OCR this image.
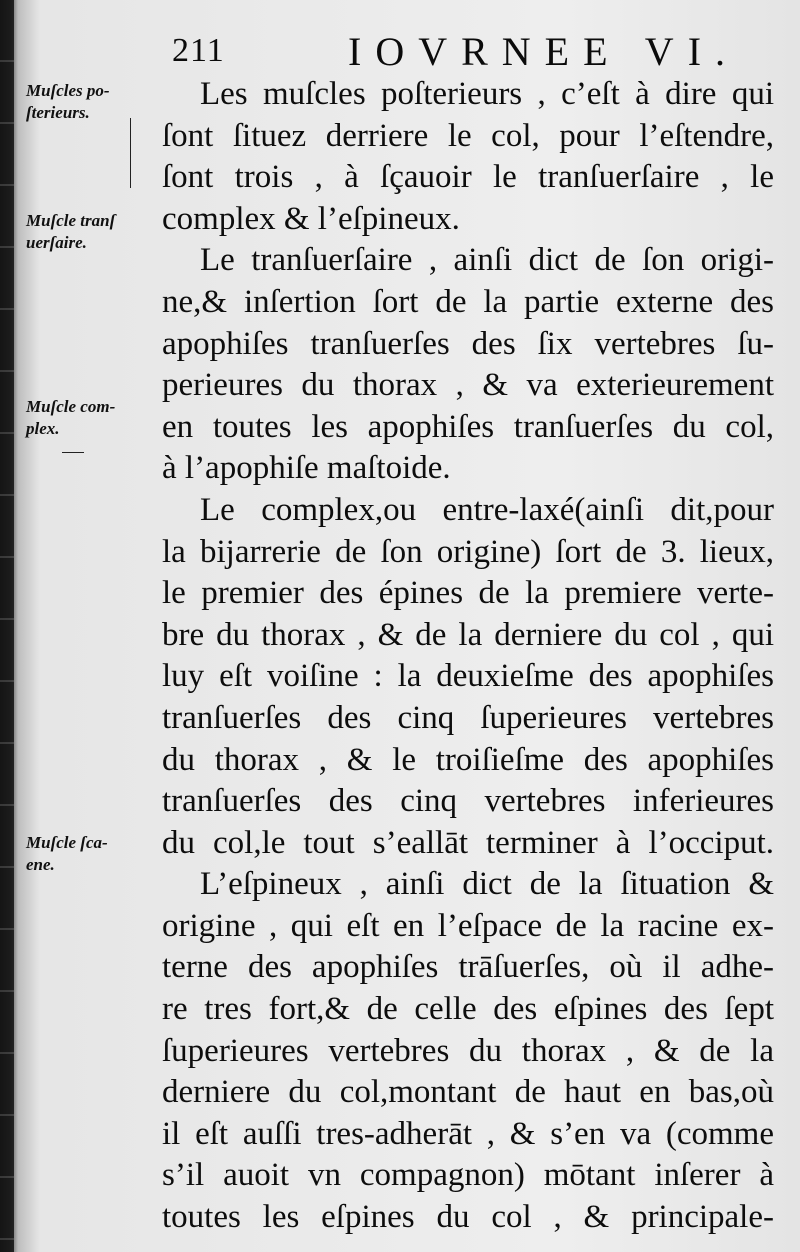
211	IOVRNEE VI.
Muſcles po-
ſterieurs.
Muſcle tranſ
uerſaire.
Muſcle com-
plex.
Muſcle ſca-
ene.
Les muſcles poſterieurs , c’eſt à dire qui
ſont ſituez derriere le col, pour l’eſtendre,
ſont trois , à ſçauoir le tranſuerſaire , le
complex & l’eſpineux.
Le tranſuerſaire , ainſi dict de ſon origi-
ne,& inſertion ſort de la partie externe des
apophiſes tranſuerſes des ſix vertebres ſu-
perieures du thorax , & va exterieurement
en toutes les apophiſes tranſuerſes du col,
à l’apophiſe maſtoide.
Le complex,ou entre-laxé(ainſi dit,pour
la bijarrerie de ſon origine) ſort de 3. lieux,
le premier des épines de la premiere verte-
bre du thorax , & de la derniere du col , qui
luy eſt voiſine : la deuxieſme des apophiſes
tranſuerſes des cinq ſuperieures vertebres
du thorax , & le troiſieſme des apophiſes
tranſuerſes des cinq vertebres inferieures
du col,le tout s’eallāt terminer à l’occiput.
L’eſpineux , ainſi dict de la ſituation &
origine , qui eſt en l’eſpace de la racine ex-
terne des apophiſes trāſuerſes, où il adhe-
re tres fort,& de celle des eſpines des ſept
ſuperieures vertebres du thorax , & de la
derniere du col,montant de haut en bas,où
il eſt auſſi tres-adherāt , & s’en va (comme
s’il auoit vn compagnon) mōtant inſerer à
toutes les eſpines du col , & principale-
